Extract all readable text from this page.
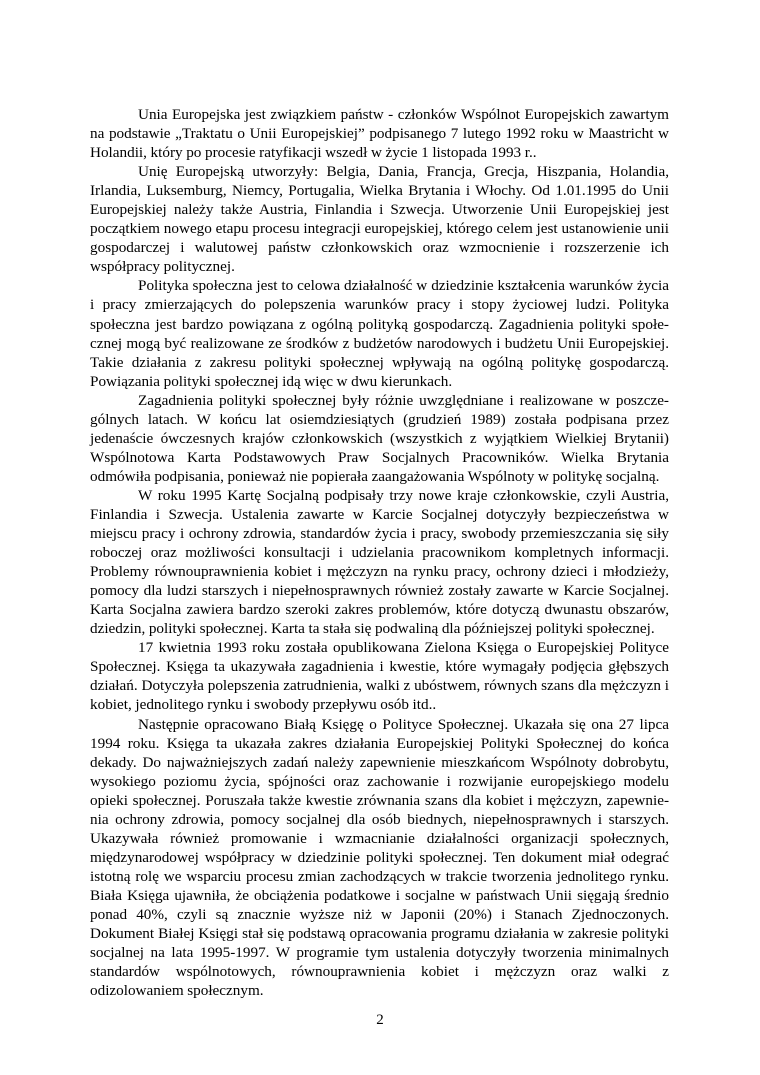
Unia Europejska jest związkiem państw - członków Wspólnot Europejskich zawartym na podstawie „Traktatu o Unii Europejskiej” podpisanego 7 lutego 1992 roku w Maastricht w Holandii, który po procesie ratyfikacji wszedł w życie 1 listopada 1993 r..

Unię Europejską utworzyły: Belgia, Dania, Francja, Grecja, Hiszpania, Holandia, Irlandia, Luksemburg, Niemcy, Portugalia, Wielka Brytania i Włochy. Od 1.01.1995 do Unii Europejskiej należy także Austria, Finlandia i Szwecja. Utworzenie Unii Europejskiej jest początkiem nowego etapu procesu integracji europejskiej, którego celem jest ustanowienie unii gospodarczej i walutowej państw członkowskich oraz wzmocnienie i rozszerzenie ich współpracy politycznej.

Polityka społeczna jest to celowa działalność w dziedzinie kształcenia warunków życia i pracy zmierzających do polepszenia warunków pracy i stopy życiowej ludzi. Polityka społeczna jest bardzo powiązana z ogólną polityką gospodarczą. Zagadnienia polityki społe-cznej mogą być realizowane ze środków z budżetów narodowych i budżetu Unii Europejskiej. Takie działania z zakresu polityki społecznej wpływają na ogólną politykę gospodarczą. Powiązania polityki społecznej idą więc w dwu kierunkach.

Zagadnienia polityki społecznej były różnie uwzględniane i realizowane w poszcze-gólnych latach. W końcu lat osiemdziesiątych (grudzień 1989) została podpisana przez jedenaście ówczesnych krajów członkowskich (wszystkich z wyjątkiem Wielkiej Brytanii) Wspólnotowa Karta Podstawowych Praw Socjalnych Pracowników. Wielka Brytania odmówiła podpisania, ponieważ nie popierała zaangażowania Wspólnoty w politykę socjalną.

W roku 1995 Kartę Socjalną podpisały trzy nowe kraje członkowskie, czyli Austria, Finlandia i Szwecja. Ustalenia zawarte w Karcie Socjalnej dotyczyły bezpieczeństwa w miejscu pracy i ochrony zdrowia, standardów życia i pracy, swobody przemieszczania się siły roboczej oraz możliwości konsultacji i udzielania pracownikom kompletnych informacji. Problemy równouprawnienia kobiet i mężczyzn na rynku pracy, ochrony dzieci i młodzieży, pomocy dla ludzi starszych i niepełnosprawnych również zostały zawarte w Karcie Socjalnej. Karta Socjalna zawiera bardzo szeroki zakres problemów, które dotyczą dwunastu obszarów, dziedzin, polityki społecznej. Karta ta stała się podwaliną dla późniejszej polityki społecznej.

17 kwietnia 1993 roku została opublikowana Zielona Księga o Europejskiej Polityce Społecznej. Księga ta ukazywała zagadnienia i kwestie, które wymagały podjęcia głębszych działań. Dotyczyła polepszenia zatrudnienia, walki z ubóstwem, równych szans dla mężczyzn i kobiet, jednolitego rynku i swobody przepływu osób itd..

Następnie opracowano Białą Księgę o Polityce Społecznej. Ukazała się ona 27 lipca 1994 roku. Księga ta ukazała zakres działania Europejskiej Polityki Społecznej do końca dekady. Do najważniejszych zadań należy zapewnienie mieszkańcom Wspólnoty dobrobytu, wysokiego poziomu życia, spójności oraz zachowanie i rozwijanie europejskiego modelu opieki społecznej. Poruszała także kwestie zrównania szans dla kobiet i mężczyzn, zapewnie-nia ochrony zdrowia, pomocy socjalnej dla osób biednych, niepełnosprawnych i starszych. Ukazywała również promowanie i wzmacnianie działalności organizacji społecznych, międzynarodowej współpracy w dziedzinie polityki społecznej. Ten dokument miał odegrać istotną rolę we wsparciu procesu zmian zachodzących w trakcie tworzenia jednolitego rynku. Biała Księga ujawniła, że obciążenia podatkowe i socjalne w państwach Unii sięgają średnio ponad 40%, czyli są znacznie wyższe niż w Japonii (20%) i Stanach Zjednoczonych. Dokument Białej Księgi stał się podstawą opracowania programu działania w zakresie polityki socjalnej na lata 1995-1997. W programie tym ustalenia dotyczyły tworzenia minimalnych standardów wspólnotowych, równouprawnienia kobiet i mężczyzn oraz walki z odizolowaniem społecznym.

2
